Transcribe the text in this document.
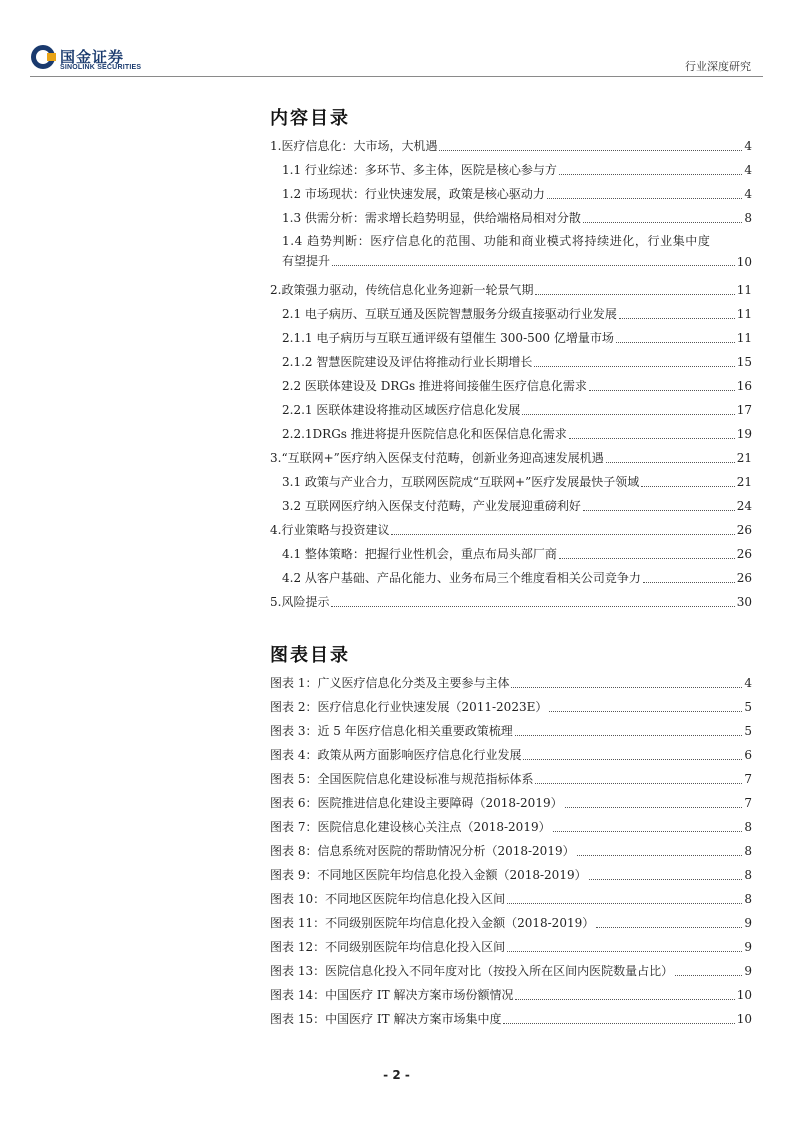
国金证券
SINOLINK SECURITIES	行业深度研究
内容目录
1.医疗信息化：大市场，大机遇	4
1.1 行业综述：多环节、多主体，医院是核心参与方	4
1.2 市场现状：行业快速发展，政策是核心驱动力	4
1.3 供需分析：需求增长趋势明显，供给端格局相对分散	8
1.4 趋势判断：医疗信息化的范围、功能和商业模式将持续进化，行业集中度
有望提升	10
2.政策强力驱动，传统信息化业务迎新一轮景气期	11
2.1 电子病历、互联互通及医院智慧服务分级直接驱动行业发展	11
2.1.1 电子病历与互联互通评级有望催生 300-500 亿增量市场	11
2.1.2 智慧医院建设及评估将推动行业长期增长	15
2.2 医联体建设及 DRGs 推进将间接催生医疗信息化需求	16
2.2.1 医联体建设将推动区域医疗信息化发展	17
2.2.1DRGs 推进将提升医院信息化和医保信息化需求	19
3.“互联网+”医疗纳入医保支付范畴，创新业务迎高速发展机遇	21
3.1 政策与产业合力，互联网医院成“互联网+”医疗发展最快子领域	21
3.2 互联网医疗纳入医保支付范畴，产业发展迎重磅利好	24
4.行业策略与投资建议	26
4.1 整体策略：把握行业性机会，重点布局头部厂商	26
4.2 从客户基础、产品化能力、业务布局三个维度看相关公司竞争力	26
5.风险提示	30
图表目录
图表 1：广义医疗信息化分类及主要参与主体	4
图表 2：医疗信息化行业快速发展（2011-2023E）	5
图表 3：近 5 年医疗信息化相关重要政策梳理	5
图表 4：政策从两方面影响医疗信息化行业发展	6
图表 5：全国医院信息化建设标准与规范指标体系	7
图表 6：医院推进信息化建设主要障碍（2018-2019）	7
图表 7：医院信息化建设核心关注点（2018-2019）	8
图表 8：信息系统对医院的帮助情况分析（2018-2019）	8
图表 9：不同地区医院年均信息化投入金额（2018-2019）	8
图表 10：不同地区医院年均信息化投入区间	8
图表 11：不同级别医院年均信息化投入金额（2018-2019）	9
图表 12：不同级别医院年均信息化投入区间	9
图表 13：医院信息化投入不同年度对比（按投入所在区间内医院数量占比）	9
图表 14：中国医疗 IT 解决方案市场份额情况	10
图表 15：中国医疗 IT 解决方案市场集中度	10
- 2 -
